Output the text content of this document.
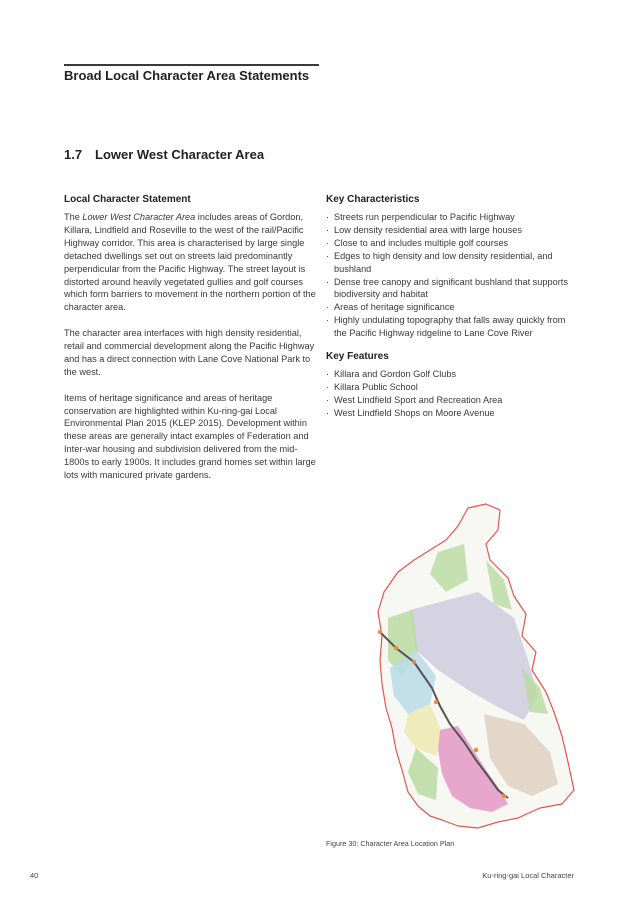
Broad Local Character Area Statements
1.7 Lower West Character Area
Local Character Statement

The Lower West Character Area includes areas of Gordon, Killara, Lindfield and Roseville to the west of the rail/Pacific Highway corridor. This area is characterised by large single detached dwellings set out on streets laid predominantly perpendicular from the Pacific Highway. The street layout is distorted around heavily vegetated gullies and golf courses which form barriers to movement in the northern portion of the character area.

The character area interfaces with high density residential, retail and commercial development along the Pacific Highway and has a direct connection with Lane Cove National Park to the west.

Items of heritage significance and areas of heritage conservation are highlighted within Ku-ring-gai Local Environmental Plan 2015 (KLEP 2015). Development within these areas are generally intact examples of Federation and Inter-war housing and subdivision delivered from the mid-1800s to early 1900s. It includes grand homes set within large lots with manicured private gardens.

Key Characteristics
· Streets run perpendicular to Pacific Highway
· Low density residential area with large houses
· Close to and includes multiple golf courses
· Edges to high density and low density residential, and bushland
· Dense tree canopy and significant bushland that supports biodiversity and habitat
· Areas of heritage significance
· Highly undulating topography that falls away quickly from the Pacific Highway ridgeline to Lane Cove River
Key Features
· Killara and Gordon Golf Clubs
· Killara Public School
· West Lindfield Sport and Recreation Area
· West Lindfield Shops on Moore Avenue

Figure 30: Character Area Location Plan

40	Ku-ring-gai Local Character
